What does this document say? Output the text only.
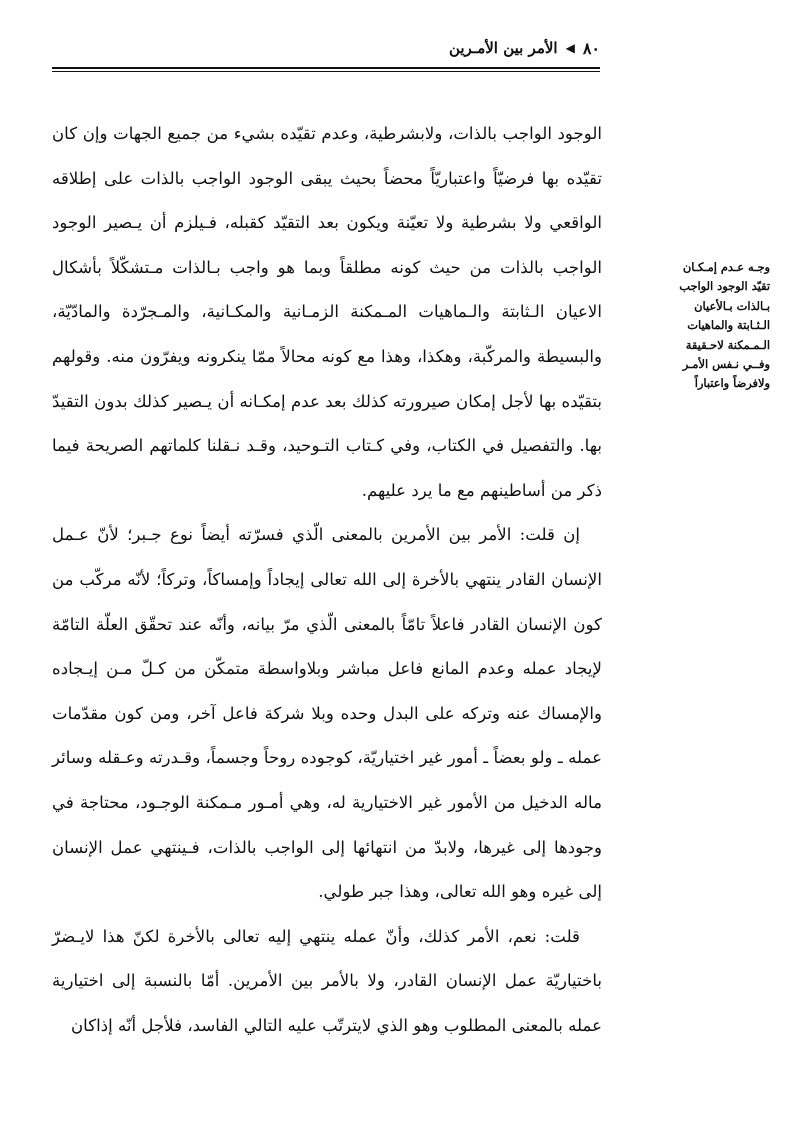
٨٠
◀
الأمر بين الأمـرين
وجـه عـدم إمـكـان
تقيّد الوجود الواجب
بـالذات بـالأعيان
الـثـابتة والماهيات
الـمـمكنة لاحـقيقة
وفــي نـفس الأمـر
ولافرضاً واعتباراً

الوجود الواجب بالذات، ولابشرطية، وعدم تقيّده بشيء من جميع الجهات وإن كان تقيّده بها فرضيّاً واعتباريّاً محضاً بحيث يبقى الوجود الواجب بالذات على إطلاقه الواقعي ولا بشرطية ولا تعيّنة ويكون بعد التقيّد كقبله، فـيلزم أن يـصير الوجود الواجب بالذات من حيث كونه مطلقاً وبما هو واجب بـالذات مـتشكّلاً بأشكال الاعيان الـثابتة والـماهيات المـمكنة الزمـانية والمكـانية، والمـجرّدة والمادّيّة، والبسيطة والمركّبة، وهكذا، وهذا مع كونه محالاً ممّا ينكرونه ويفرّون منه. وقولهم بتقيّده بها لأجل إمكان صيرورته كذلك بعد عدم إمكـانه أن يـصير كذلك بدون التقيدّ بها. والتفصيل في الكتاب، وفي كـتاب التـوحيد، وقـد نـقلنا كلماتهم الصريحة فيما ذكر من أساطينهم مع ما يرد عليهم.

إن قلت: الأمر بين الأمرين بالمعنى الّذي فسرّته أيضاً نوع جـبر؛ لأنّ عـمل الإنسان القادر ينتهي بالأخرة إلى الله تعالى إيجاداً وإمساكاً، وتركاً؛ لأنّه مركّب من كون الإنسان القادر فاعلاً تامّاً بالمعنى الّذي مرّ بيانه، وأنّه عند تحقّق العلّة التامّة لإيجاد عمله وعدم المانع فاعل مباشر وبلاواسطة متمكّن من كـلّ مـن إيـجاده والإمساك عنه وتركه على البدل وحده وبلا شركة فاعل آخر، ومن كون مقدّمات عمله ـ ولو بعضاً ـ أمور غير اختياريّة، كوجوده روحاً وجسماً، وقـدرته وعـقله وسائر ماله الدخيل من الأمور غير الاختيارية له، وهي أمـور مـمكنة الوجـود، محتاجة في وجودها إلى غيرها، ولابدّ من انتهائها إلى الواجب بالذات، فـينتهي عمل الإنسان إلى غيره وهو الله تعالى، وهذا جبر طولي.

قلت: نعم، الأمر كذلك، وأنّ عمله ينتهي إليه تعالى بالأخرة لكنّ هذا لايـضرّ باختياريّة عمل الإنسان القادر، ولا بالأمر بين الأمرين. أمّا بالنسبة إلى اختيارية عمله بالمعنى المطلوب وهو الذي لايترتّب عليه التالي الفاسد، فلأجل أنّه إذاكان
